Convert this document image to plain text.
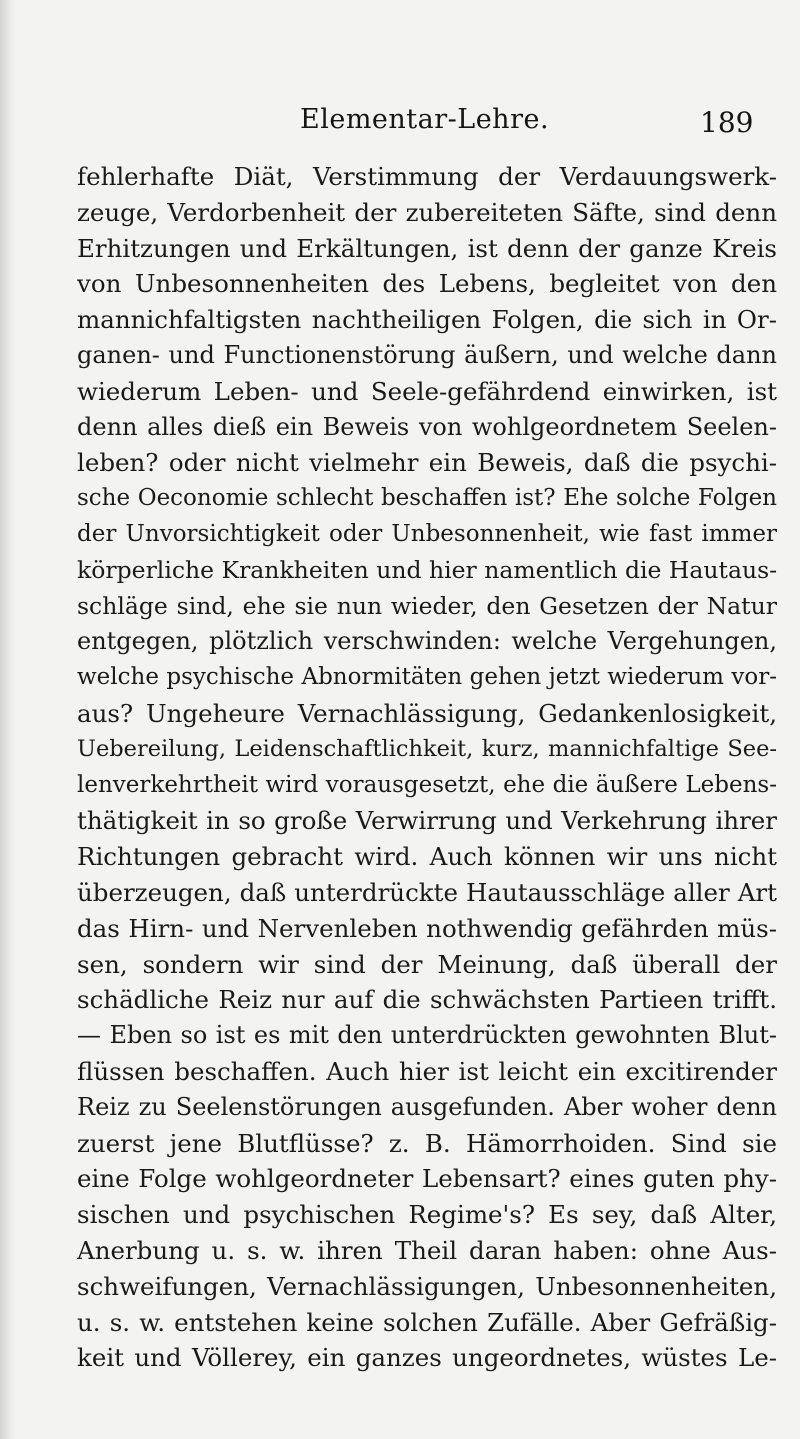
Elementar-Lehre.	189
fehlerhafte Diät, Verstimmung der Verdauungswerk-
zeuge, Verdorbenheit der zubereiteten Säfte, sind denn
Erhitzungen und Erkältungen, ist denn der ganze Kreis
von Unbesonnenheiten des Lebens, begleitet von den
mannichfaltigsten nachtheiligen Folgen, die sich in Or-
ganen- und Functionenstörung äußern, und welche dann
wiederum Leben- und Seele-gefährdend einwirken, ist
denn alles dieß ein Beweis von wohlgeordnetem Seelen-
leben? oder nicht vielmehr ein Beweis, daß die psychi-
sche Oeconomie schlecht beschaffen ist? Ehe solche Folgen
der Unvorsichtigkeit oder Unbesonnenheit, wie fast immer
körperliche Krankheiten und hier namentlich die Hautaus-
schläge sind, ehe sie nun wieder, den Gesetzen der Natur
entgegen, plötzlich verschwinden: welche Vergehungen,
welche psychische Abnormitäten gehen jetzt wiederum vor-
aus? Ungeheure Vernachlässigung, Gedankenlosigkeit,
Uebereilung, Leidenschaftlichkeit, kurz, mannichfaltige See-
lenverkehrtheit wird vorausgesetzt, ehe die äußere Lebens-
thätigkeit in so große Verwirrung und Verkehrung ihrer
Richtungen gebracht wird. Auch können wir uns nicht
überzeugen, daß unterdrückte Hautausschläge aller Art
das Hirn- und Nervenleben nothwendig gefährden müs-
sen, sondern wir sind der Meinung, daß überall der
schädliche Reiz nur auf die schwächsten Partieen trifft.
— Eben so ist es mit den unterdrückten gewohnten Blut-
flüssen beschaffen. Auch hier ist leicht ein excitirender
Reiz zu Seelenstörungen ausgefunden. Aber woher denn
zuerst jene Blutflüsse? z. B. Hämorrhoiden. Sind sie
eine Folge wohlgeordneter Lebensart? eines guten phy-
sischen und psychischen Regime's? Es sey, daß Alter,
Anerbung u. s. w. ihren Theil daran haben: ohne Aus-
schweifungen, Vernachlässigungen, Unbesonnenheiten,
u. s. w. entstehen keine solchen Zufälle. Aber Gefräßig-
keit und Völlerey, ein ganzes ungeordnetes, wüstes Le-
